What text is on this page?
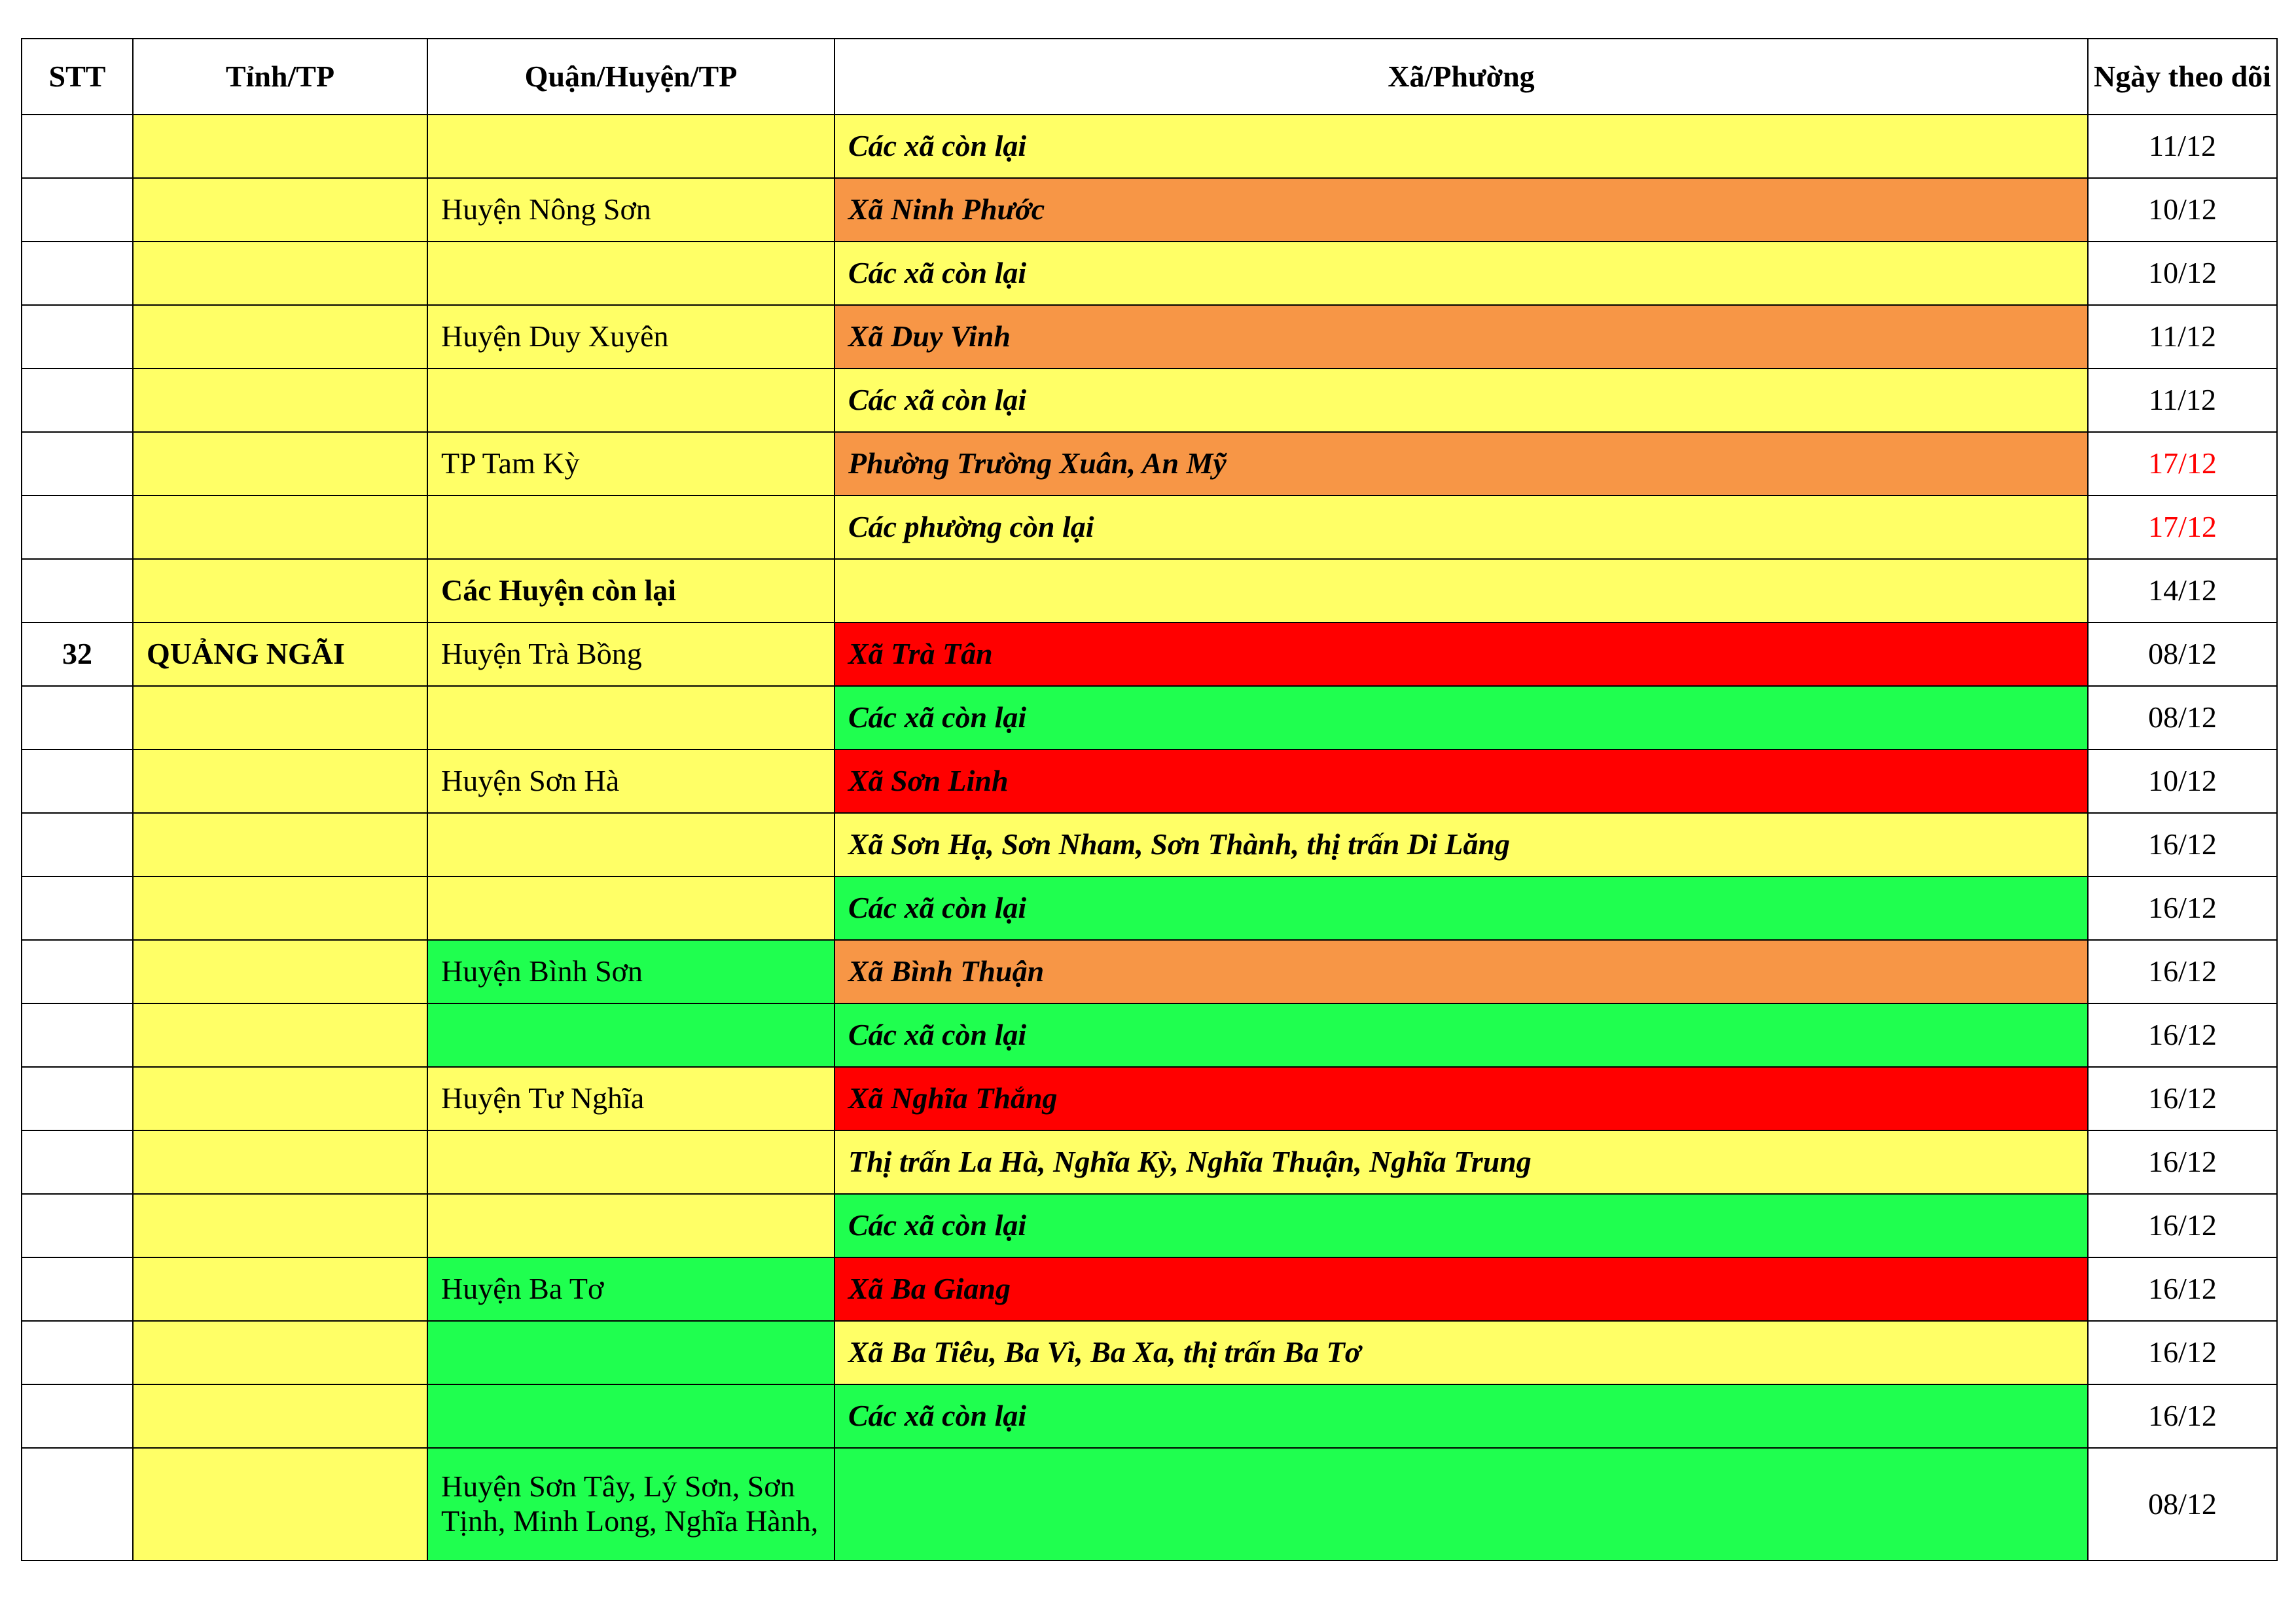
STT	Tỉnh/TP	Quận/Huyện/TP	Xã/Phường	Ngày theo dõi
			Các xã còn lại	11/12
		Huyện Nông Sơn	Xã Ninh Phước	10/12
			Các xã còn lại	10/12
		Huyện Duy Xuyên	Xã Duy Vinh	11/12
			Các xã còn lại	11/12
		TP Tam Kỳ	Phường Trường Xuân, An Mỹ	17/12
			Các phường còn lại	17/12
		Các Huyện còn lại		14/12
32	QUẢNG NGÃI	Huyện Trà Bồng	Xã Trà Tân	08/12
			Các xã còn lại	08/12
		Huyện Sơn Hà	Xã Sơn Linh	10/12
			Xã Sơn Hạ, Sơn Nham, Sơn Thành, thị trấn Di Lăng	16/12
			Các xã còn lại	16/12
		Huyện Bình Sơn	Xã Bình Thuận	16/12
			Các xã còn lại	16/12
		Huyện Tư Nghĩa	Xã Nghĩa Thắng	16/12
			Thị trấn La Hà, Nghĩa Kỳ, Nghĩa Thuận, Nghĩa Trung	16/12
			Các xã còn lại	16/12
		Huyện Ba Tơ	Xã Ba Giang	16/12
			Xã Ba Tiêu, Ba Vì, Ba Xa, thị trấn Ba Tơ	16/12
			Các xã còn lại	16/12
		Huyện Sơn Tây, Lý Sơn, Sơn Tịnh, Minh Long, Nghĩa Hành,		08/12
